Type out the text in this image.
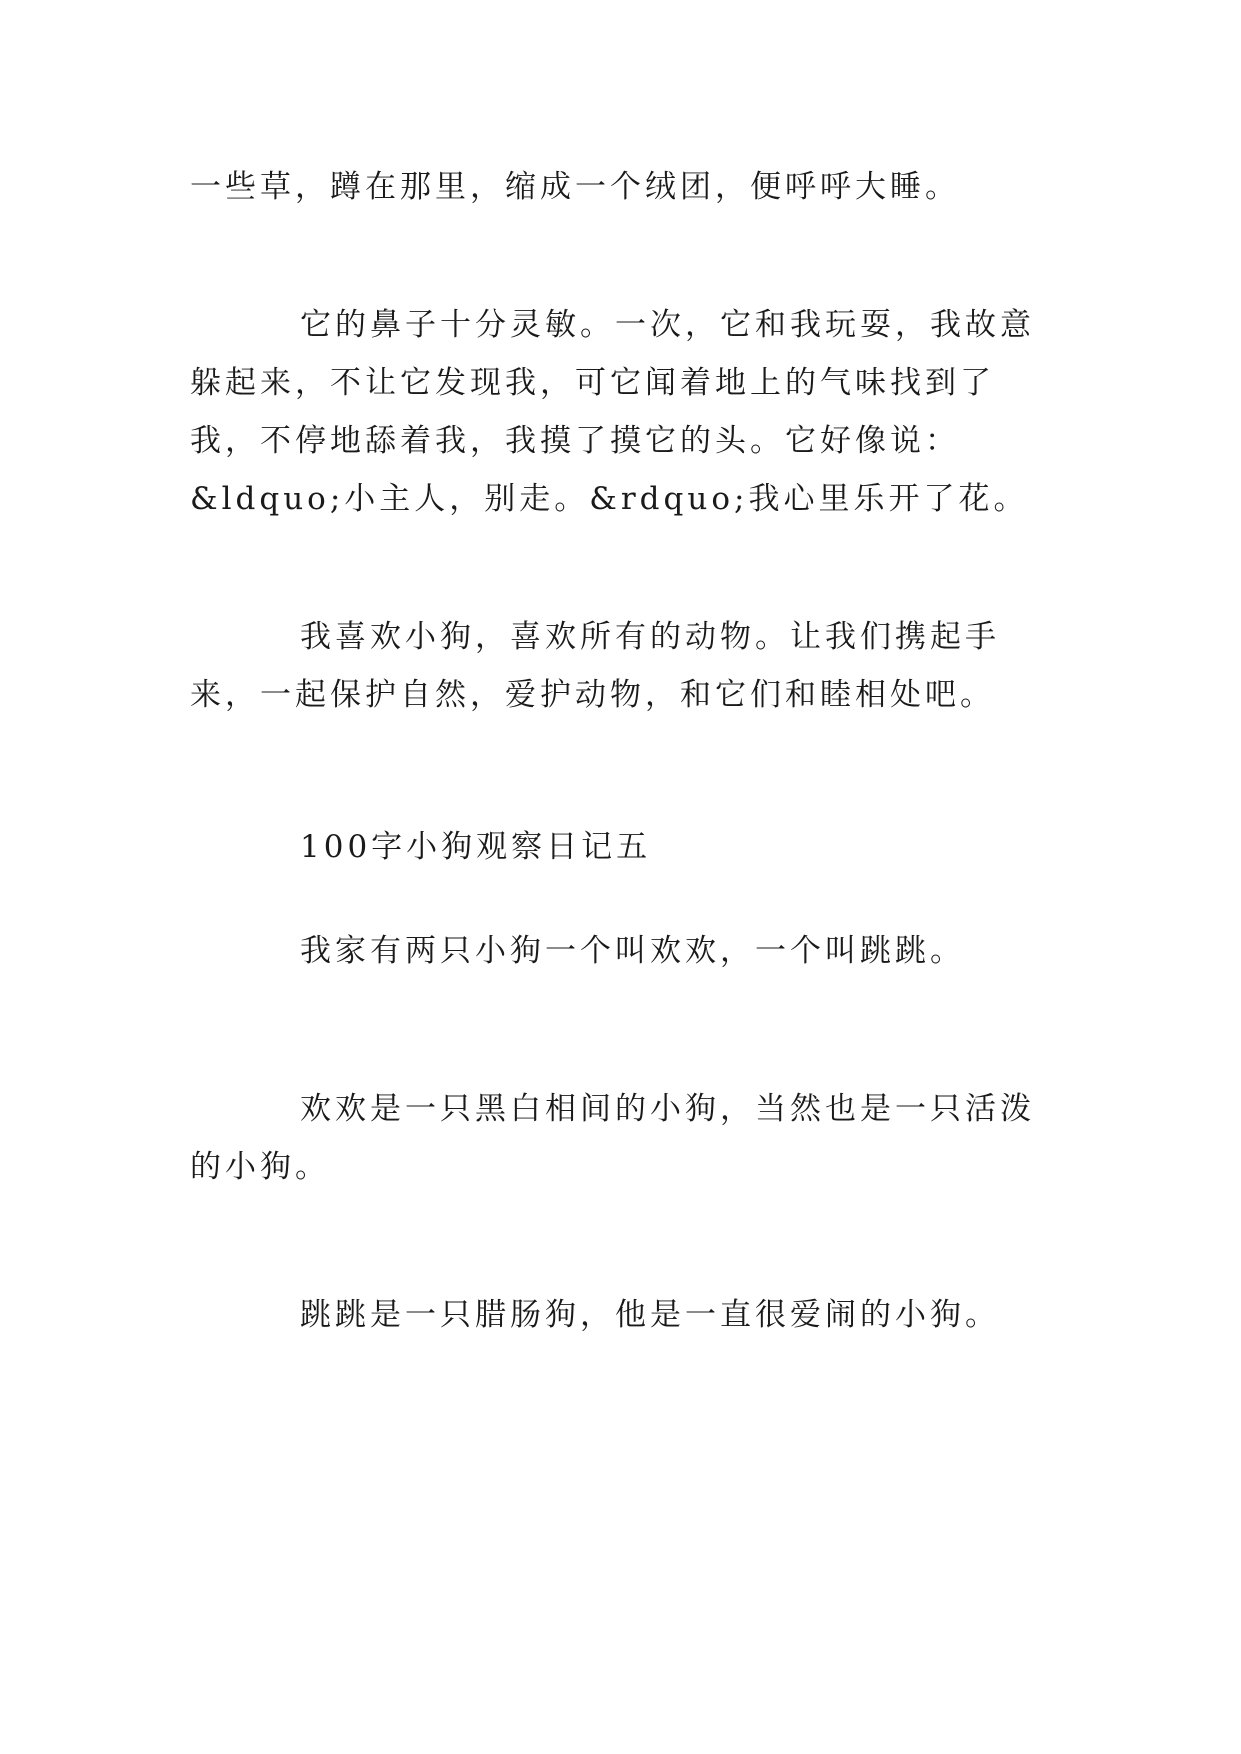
一些草，蹲在那里，缩成一个绒团，便呼呼大睡。

它的鼻子十分灵敏。一次，它和我玩耍，我故意躲起来，不让它发现我，可它闻着地上的气味找到了我，不停地舔着我，我摸了摸它的头。它好像说：&ldquo;小主人，别走。&rdquo;我心里乐开了花。

我喜欢小狗，喜欢所有的动物。让我们携起手来，一起保护自然，爱护动物，和它们和睦相处吧。

100字小狗观察日记五

我家有两只小狗一个叫欢欢，一个叫跳跳。

欢欢是一只黑白相间的小狗，当然也是一只活泼的小狗。

跳跳是一只腊肠狗，他是一直很爱闹的小狗。
